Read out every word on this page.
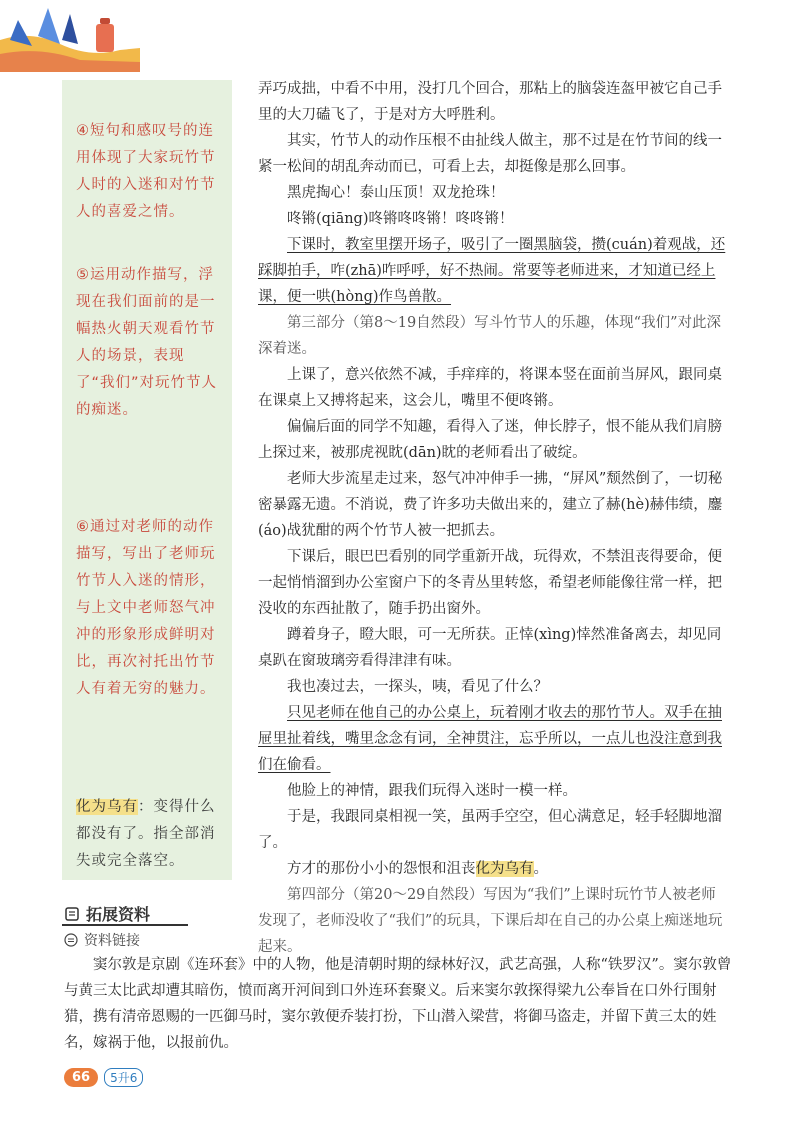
④短句和感叹号的连用体现了大家玩竹节人时的入迷和对竹节人的喜爱之情。
⑤运用动作描写，浮现在我们面前的是一幅热火朝天观看竹节人的场景，表现了“我们”对玩竹节人的痴迷。
⑥通过对老师的动作描写，写出了老师玩竹节人入迷的情形，与上文中老师怒气冲冲的形象形成鲜明对比，再次衬托出竹节人有着无穷的魅力。
化为乌有：变得什么都没有了。指全部消失或完全落空。

弄巧成拙，中看不中用，没打几个回合，那粘上的脑袋连盔甲被它自己手里的大刀磕飞了，于是对方大呼胜利。

其实，竹节人的动作压根不由扯线人做主，那不过是在竹节间的线一紧一松间的胡乱奔动而已，可看上去，却挺像是那么回事。

黑虎掏心！泰山压顶！双龙抢珠！

咚锵(qiāng)咚锵咚咚锵！咚咚锵！

下课时，教室里摆开场子，吸引了一圈黑脑袋，攒(cuán)着观战，还踩脚拍手，咋(zhā)咋呼呼，好不热闹。常要等老师进来，才知道已经上课，便一哄(hòng)作鸟兽散。

第三部分（第8～19自然段）写斗竹节人的乐趣，体现“我们”对此深深着迷。

上课了，意兴依然不减，手痒痒的，将课本竖在面前当屏风，跟同桌在课桌上又搏将起来，这会儿，嘴里不便咚锵。

偏偏后面的同学不知趣，看得入了迷，伸长脖子，恨不能从我们肩膀上探过来，被那虎视眈(dān)眈的老师看出了破绽。

老师大步流星走过来，怒气冲冲伸手一拂，“屏风”颓然倒了，一切秘密暴露无遗。不消说，费了许多功夫做出来的，建立了赫(hè)赫伟绩，鏖(áo)战犹酣的两个竹节人被一把抓去。

下课后，眼巴巴看别的同学重新开战，玩得欢，不禁沮丧得要命，便一起悄悄溜到办公室窗户下的冬青丛里转悠，希望老师能像往常一样，把没收的东西扯散了，随手扔出窗外。

蹲着身子，瞪大眼，可一无所获。正悻(xìng)悻然准备离去，却见同桌趴在窗玻璃旁看得津津有味。

我也凑过去，一探头，咦，看见了什么？

只见老师在他自己的办公桌上，玩着刚才收去的那竹节人。双手在抽屉里扯着线，嘴里念念有词，全神贯注，忘乎所以，一点儿也没注意到我们在偷看。

他脸上的神情，跟我们玩得入迷时一模一样。

于是，我跟同桌相视一笑，虽两手空空，但心满意足，轻手轻脚地溜了。

方才的那份小小的怨恨和沮丧化为乌有。

第四部分（第20～29自然段）写因为“我们”上课时玩竹节人被老师发现了，老师没收了“我们”的玩具，下课后却在自己的办公桌上痴迷地玩起来。

拓展资料
资料链接

窦尔敦是京剧《连环套》中的人物，他是清朝时期的绿林好汉，武艺高强，人称“铁罗汉”。窦尔敦曾与黄三太比武却遭其暗伤，愤而离开河间到口外连环套聚义。后来窦尔敦探得梁九公奉旨在口外行围射猎，携有清帝恩赐的一匹御马时，窦尔敦便乔装打扮，下山潜入梁营，将御马盗走，并留下黄三太的姓名，嫁祸于他，以报前仇。

66	5升6
